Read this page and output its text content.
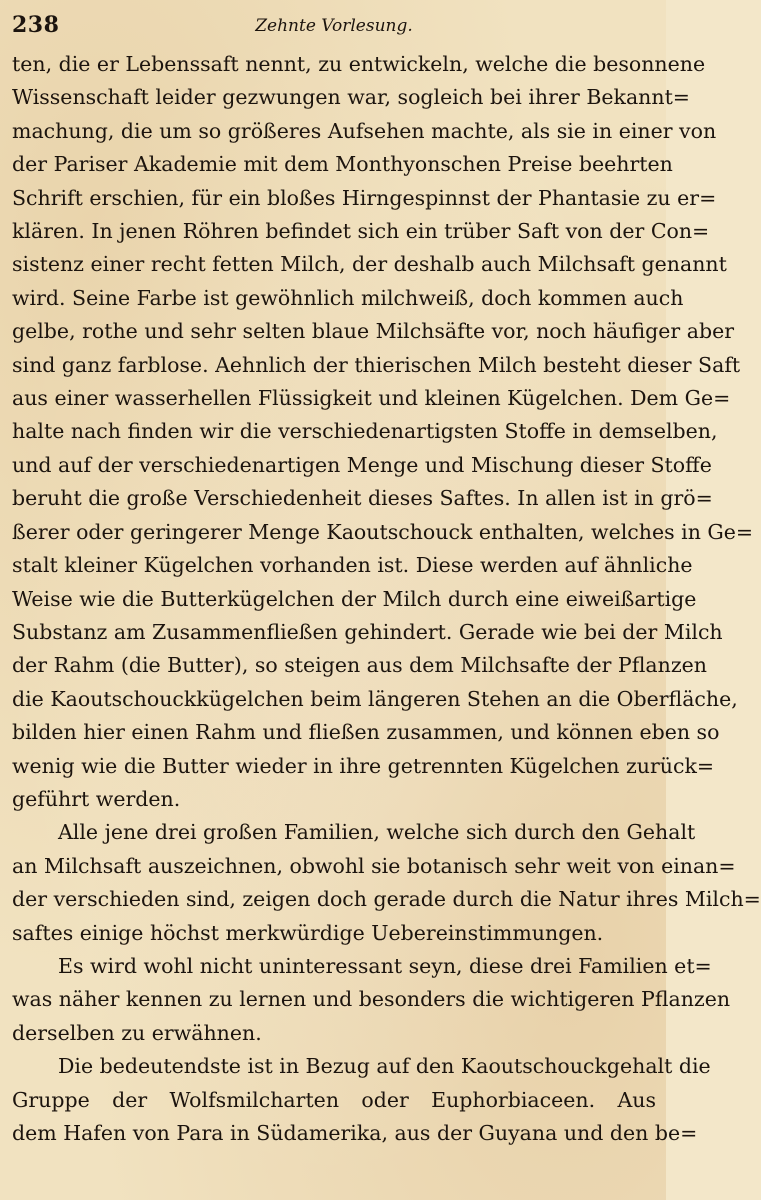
238	Zehnte Vorlesung.
ten, die er Lebenssaft nennt, zu entwickeln, welche die besonnene
Wissenschaft leider gezwungen war, sogleich bei ihrer Bekannt=
machung, die um so größeres Aufsehen machte, als sie in einer von
der Pariser Akademie mit dem Monthyonschen Preise beehrten
Schrift erschien, für ein bloßes Hirngespinnst der Phantasie zu er=
klären. In jenen Röhren befindet sich ein trüber Saft von der Con=
sistenz einer recht fetten Milch, der deshalb auch Milchsaft genannt
wird. Seine Farbe ist gewöhnlich milchweiß, doch kommen auch
gelbe, rothe und sehr selten blaue Milchsäfte vor, noch häufiger aber
sind ganz farblose. Aehnlich der thierischen Milch besteht dieser Saft
aus einer wasserhellen Flüssigkeit und kleinen Kügelchen. Dem Ge=
halte nach finden wir die verschiedenartigsten Stoffe in demselben,
und auf der verschiedenartigen Menge und Mischung dieser Stoffe
beruht die große Verschiedenheit dieses Saftes. In allen ist in grö=
ßerer oder geringerer Menge Kaoutschouck enthalten, welches in Ge=
stalt kleiner Kügelchen vorhanden ist. Diese werden auf ähnliche
Weise wie die Butterkügelchen der Milch durch eine eiweißartige
Substanz am Zusammenfließen gehindert. Gerade wie bei der Milch
der Rahm (die Butter), so steigen aus dem Milchsafte der Pflanzen
die Kaoutschouckkügelchen beim längeren Stehen an die Oberfläche,
bilden hier einen Rahm und fließen zusammen, und können eben so
wenig wie die Butter wieder in ihre getrennten Kügelchen zurück=
geführt werden.
Alle jene drei großen Familien, welche sich durch den Gehalt
an Milchsaft auszeichnen, obwohl sie botanisch sehr weit von einan=
der verschieden sind, zeigen doch gerade durch die Natur ihres Milch=
saftes einige höchst merkwürdige Uebereinstimmungen.
Es wird wohl nicht uninteressant seyn, diese drei Familien et=
was näher kennen zu lernen und besonders die wichtigeren Pflanzen
derselben zu erwähnen.
Die bedeutendste ist in Bezug auf den Kaoutschouckgehalt die
Gruppe der Wolfsmilcharten oder Euphorbiaceen. Aus
dem Hafen von Para in Südamerika, aus der Guyana und den be=
